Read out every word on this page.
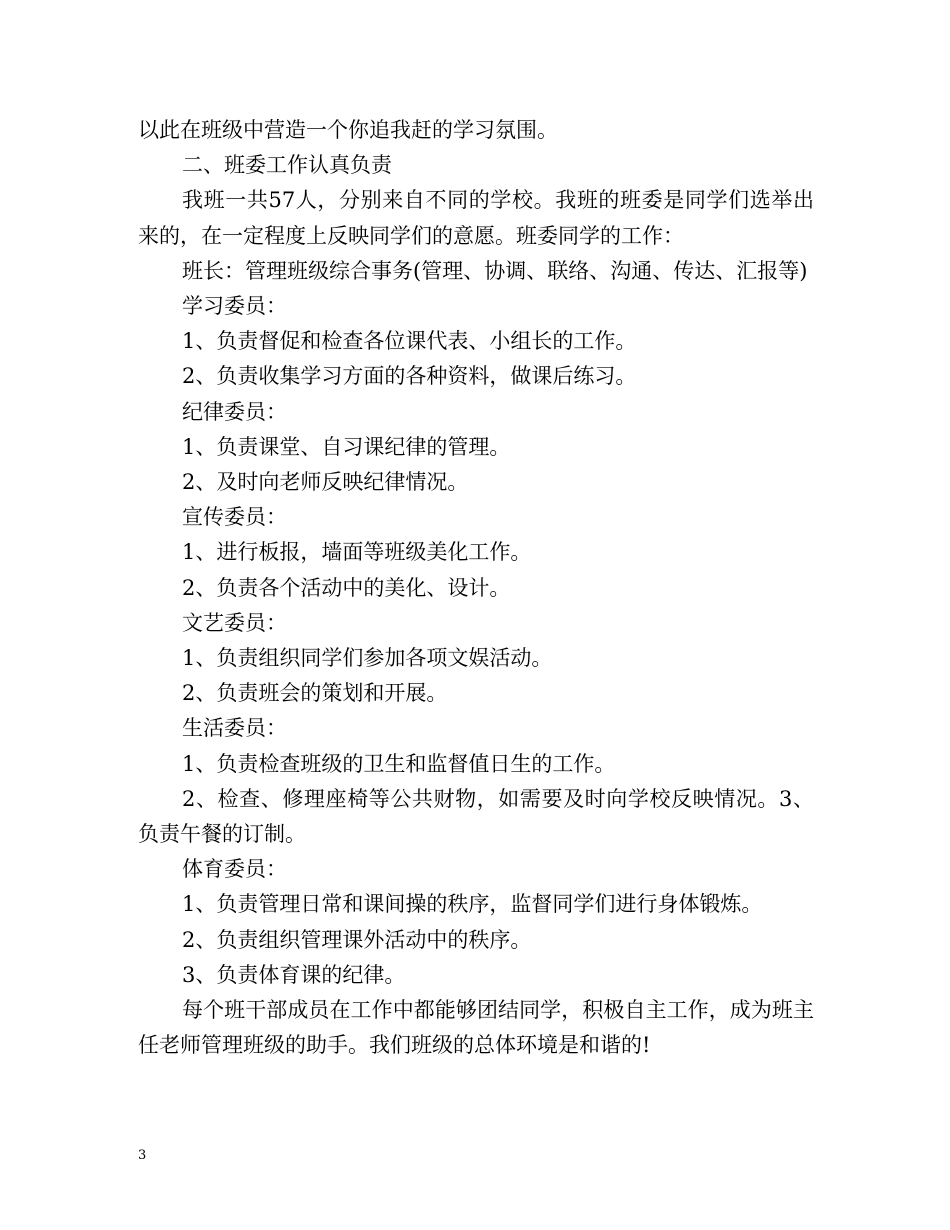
以此在班级中营造一个你追我赶的学习氛围。

二、班委工作认真负责

我班一共57人，分别来自不同的学校。我班的班委是同学们选举出来的，在一定程度上反映同学们的意愿。班委同学的工作：

班长：管理班级综合事务(管理、协调、联络、沟通、传达、汇报等)

学习委员：

1、负责督促和检查各位课代表、小组长的工作。

2、负责收集学习方面的各种资料，做课后练习。

纪律委员：

1、负责课堂、自习课纪律的管理。

2、及时向老师反映纪律情况。

宣传委员：

1、进行板报，墙面等班级美化工作。

2、负责各个活动中的美化、设计。

文艺委员：

1、负责组织同学们参加各项文娱活动。

2、负责班会的策划和开展。

生活委员：

1、负责检查班级的卫生和监督值日生的工作。

2、检查、修理座椅等公共财物，如需要及时向学校反映情况。3、负责午餐的订制。

体育委员：

1、负责管理日常和课间操的秩序，监督同学们进行身体锻炼。

2、负责组织管理课外活动中的秩序。

3、负责体育课的纪律。

每个班干部成员在工作中都能够团结同学，积极自主工作，成为班主任老师管理班级的助手。我们班级的总体环境是和谐的!

3
